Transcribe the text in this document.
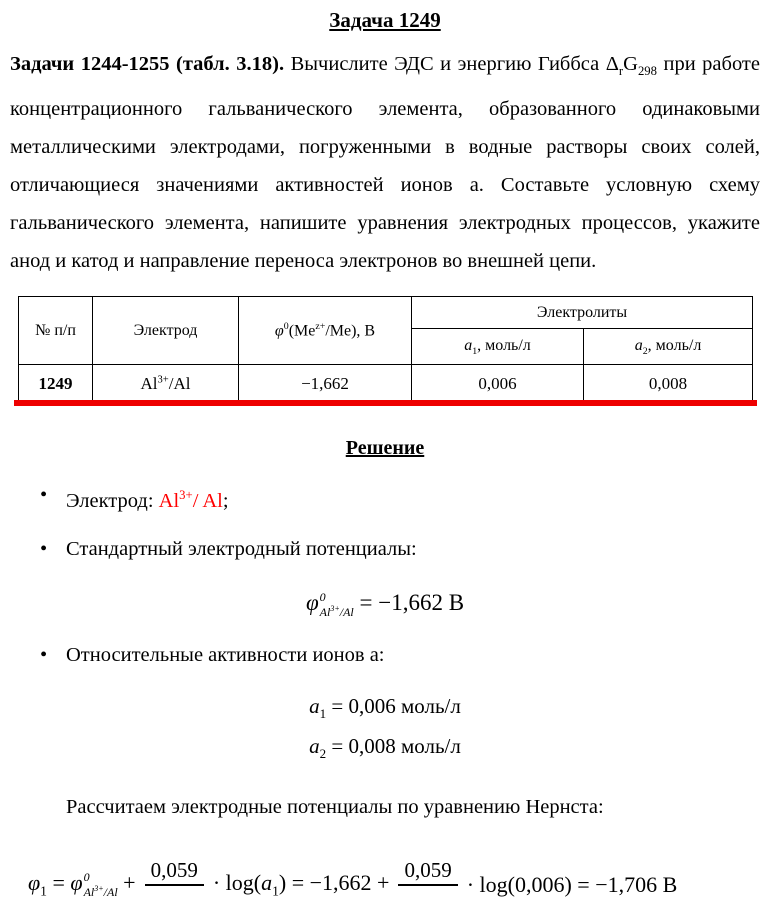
Задача 1249

Задачи 1244-1255 (табл. 3.18). Вычислите ЭДС и энергию Гиббса $\Delta_rG_{298}$ при работе концентрационного гальванического элемента, образованного одинаковыми металлическими электродами, погруженными в водные растворы своих солей, отличающиеся значениями активностей ионов а. Составьте условную схему гальванического элемента, напишите уравнения электродных процессов, укажите анод и катод и направление переноса электронов во внешней цепи.

№ п/п	Электрод	$\varphi^0(Me^{z+}/Me)$, В	Электролиты	
			$a_1$, моль/л	$a_2$, моль/л
1249	$Al^{3+}/Al$	−1,662	0,006	0,008
Решение
• Электрод: $Al^{3+}/$ Al;
• Стандартный электродный потенциалы:
φ 0
$Al^{3+}/Al = -1,662$ В
• Относительные активности ионов а:
$a_1 = 0,006$ моль/л
$a_2 = 0,008$ моль/л

Рассчитаем электродные потенциалы по уравнению Нернста:

$\varphi_1 = \varphi$ 0
$Al^{3+}/Al + 0,059 \cdot \log(a_1) = -1,662 + 0,059$
· log(0,006) = −1,706 В
